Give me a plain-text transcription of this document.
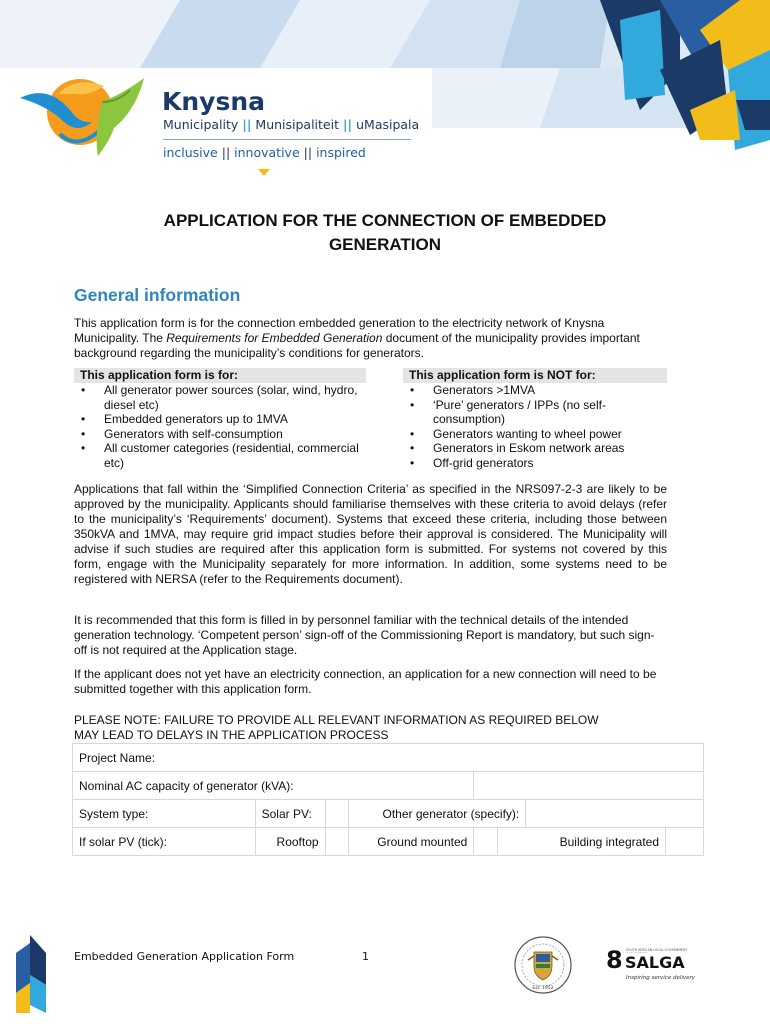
Knysna
Municipality || Munisipaliteit || uMasipala
inclusive || innovative || inspired
APPLICATION FOR THE CONNECTION OF EMBEDDED
GENERATION
General information
This application form is for the connection embedded generation to the electricity network of Knysna Municipality. The Requirements for Embedded Generation document of the municipality provides important background regarding the municipality’s conditions for generators.
This application form is for:
• All generator power sources (solar, wind, hydro, diesel etc)
• Embedded generators up to 1MVA
• Generators with self-consumption
• All customer categories (residential, commercial etc)
This application form is NOT for:
• Generators >1MVA
• ‘Pure’ generators / IPPs (no self-consumption)
• Generators wanting to wheel power
• Generators in Eskom network areas
• Off-grid generators
Applications that fall within the ‘Simplified Connection Criteria’ as specified in the NRS097-2-3 are likely to be approved by the municipality. Applicants should familiarise themselves with these criteria to avoid delays (refer to the municipality’s ‘Requirements’ document). Systems that exceed these criteria, including those between 350kVA and 1MVA, may require grid impact studies before their approval is considered. The Municipality will advise if such studies are required after this application form is submitted. For systems not covered by this form, engage with the Municipality separately for more information. In addition, some systems need to be registered with NERSA (refer to the Requirements document).
It is recommended that this form is filled in by personnel familiar with the technical details of the intended generation technology. ‘Competent person’ sign-off of the Commissioning Report is mandatory, but such sign-off is not required at the Application stage.
If the applicant does not yet have an electricity connection, an application for a new connection will need to be submitted together with this application form.
PLEASE NOTE: FAILURE TO PROVIDE ALL RELEVANT INFORMATION AS REQUIRED BELOW
MAY LEAD TO DELAYS IN THE APPLICATION PROCESS
Project Name:							
Nominal AC capacity of generator (kVA):							
System type:	Solar PV:		Other generator (specify):				
If solar PV (tick):	Rooftop		Ground mounted		Building integrated		
Embedded Generation Application Form	1
Est. 1952
8 SALGA
SOUTH AFRICAN LOCAL GOVERNMENT
Inspiring service delivery
